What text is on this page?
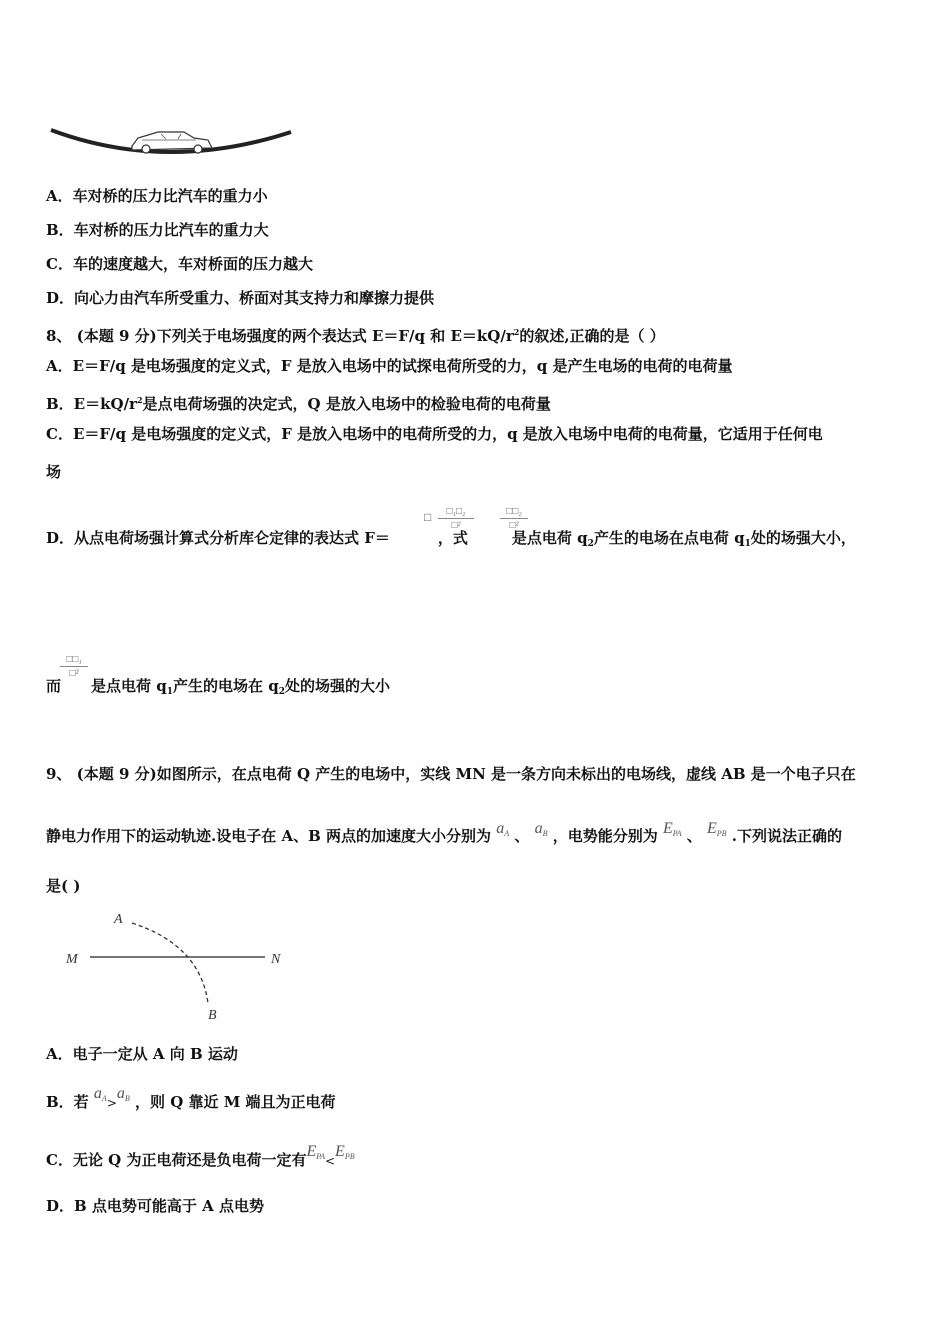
A．车对桥的压力比汽车的重力小
B．车对桥的压力比汽车的重力大
C．车的速度越大，车对桥面的压力越大
D．向心力由汽车所受重力、桥面对其支持力和摩擦力提供
8、 (本题 9 分)下列关于电场强度的两个表达式 E＝F/q 和 $E=kQ/r^2$的叙述,正确的是（ ）
A．E＝F/q 是电场强度的定义式，F 是放入电场中的试探电荷所受的力，q 是产生电场的电荷的电荷量
B．$E=kQ/r^2$是点电荷场强的决定式，Q 是放入电场中的检验电荷的电荷量
C．E＝F/q 是电场强度的定义式，F 是放入电场中的电荷所受的力，q 是放入电场中电荷的电荷量，它适用于任何电
场
D．从点电荷场强计算式分析库仑定律的表达式 F＝	，式	是点电荷 $q_2$产生的电场在点电荷 $q_1$处的场强大小，
□	□₁□₂
□²
□□₂
□²
而 是点电荷 $q_1$产生的电场在 $q_2$处的场强的大小
□□₁
□²
9、 (本题 9 分)如图所示，在点电荷 Q 产生的电场中，实线 MN 是一条方向未标出的电场线，虚线 AB 是一个电子只在
静电力作用下的运动轨迹.设电子在 A、B 两点的加速度大小分别为 $a_A$ 、 $a_B$ ，电势能分别为 $E_{PA}$ 、 $E_{PB}$ .下列说法正确的
是( )
M	N
A
B
A．电子一定从 A 向 B 运动
B．若 $a_A>a_B$ ，则 Q 靠近 M 端且为正电荷
C．无论 Q 为正电荷还是负电荷一定有$E_{PA}<E_{PB}$
D．B 点电势可能高于 A 点电势
